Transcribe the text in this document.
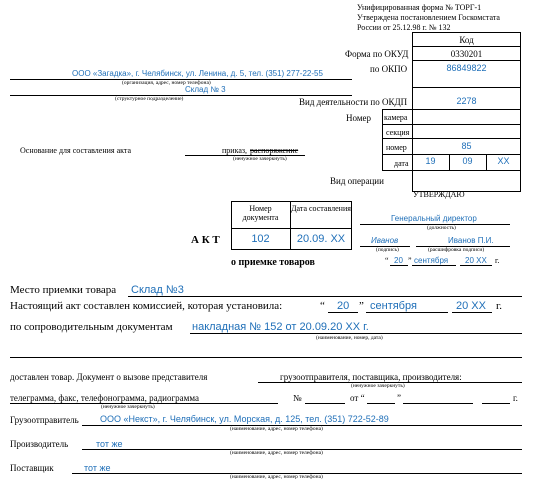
Унифицированная форма № ТОРГ-1
Утверждена постановлением Госкомстата
России от 25.12.98 г. № 132
Код
Форма по ОКУД	0330201
по ОКПО	86849822
Вид деятельности по ОКДП	2278
Номер камера
секция
номер	85
дата	19	09	XX
Вид операции
ООО «Загадка», г. Челябинск, ул. Ленина, д. 5, тел. (351) 277-22-55
(организация, адрес, номер телефона)
Склад № 3
(структурное подразделение)
Основание для составления акта	приказ, распоряжение
(ненужное зачеркнуть)
Номер документа
Дата составления
102	20.09. XX
А К Т
о приемке товаров
УТВЕРЖДАЮ
Генеральный директор
(должность)
Иванов
(подпись)
Иванов П.И.
(расшифровка подписи)
“ 20 ” сентября 20 XX г.
Место приемки товара Склад №3
Настоящий акт составлен комиссией, которая установила:	“ 20 ” сентября	20 XX г.
по сопроводительным документам накладная № 152 от 20.09.20 XX г.
(наименование, номер, дата)
доставлен товар. Документ о вызове представителя	грузоотправителя, поставщика, производителя:
(ненужное зачеркнуть)
телеграмма, факс, телефонограмма, радиограмма
(ненужное зачеркнуть)
№	от “	”	г.
Грузоотправитель ООО «Некст», г. Челябинск, ул. Морская, д. 125, тел. (351) 722-52-89
(наименование, адрес, номер телефона)
Производитель	тот же
(наименование, адрес, номер телефона)
Поставщик	тот же
(наименование, адрес, номер телефона)
